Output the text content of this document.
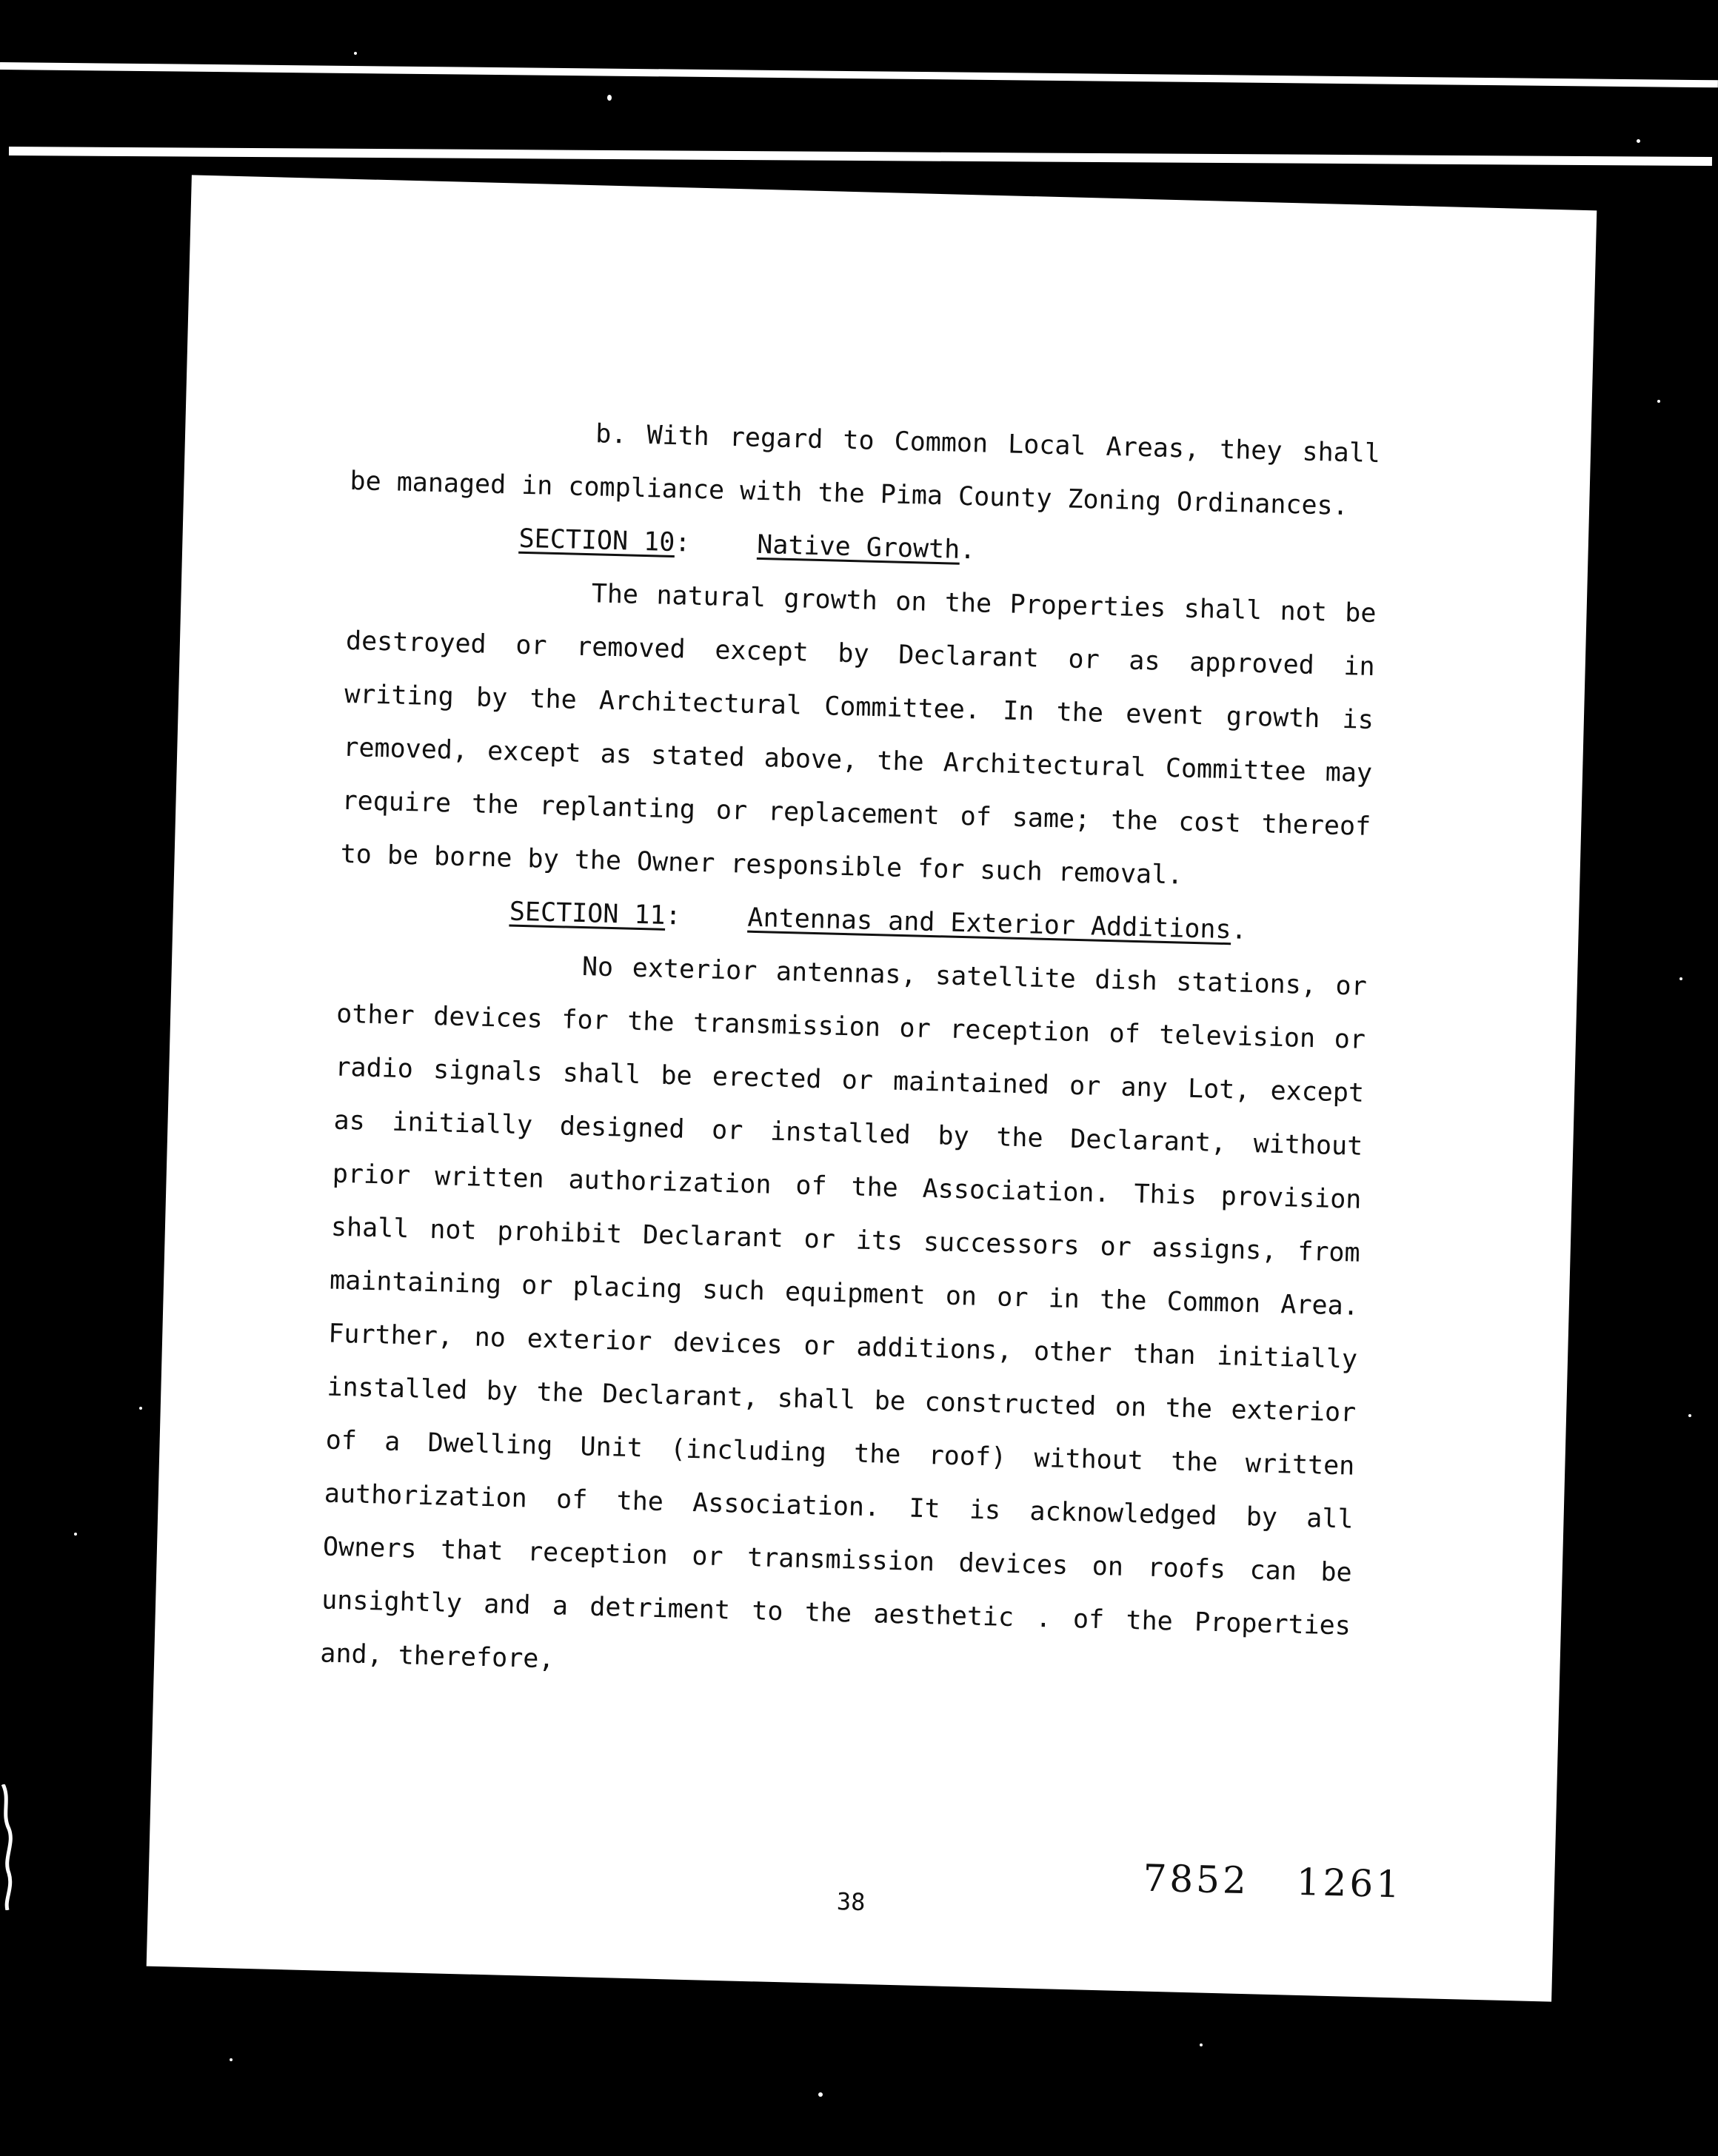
b. With regard to Common Local Areas, they shall be managed in compliance with the Pima County Zoning Ordinances.

SECTION 10:	Native Growth.

The natural growth on the Properties shall not be destroyed or removed except by Declarant or as approved in writing by the Architectural Committee. In the event growth is removed, except as stated above, the Architectural Committee may require the replanting or replacement of same; the cost thereof to be borne by the Owner responsible for such removal.

SECTION 11:	Antennas and Exterior Additions.

No exterior antennas, satellite dish stations, or other devices for the transmission or reception of television or radio signals shall be erected or maintained or any Lot, except as initially designed or installed by the Declarant, without prior written authorization of the Association. This provision shall not prohibit Declarant or its successors or assigns, from maintaining or placing such equipment on or in the Common Area. Further, no exterior devices or additions, other than initially installed by the Declarant, shall be constructed on the exterior of a Dwelling Unit (including the roof) without the written authorization of the Association. It is acknowledged by all Owners that reception or transmission devices on roofs can be unsightly and a detriment to the aesthetic . of the Properties and, therefore,

7852 1261
38
